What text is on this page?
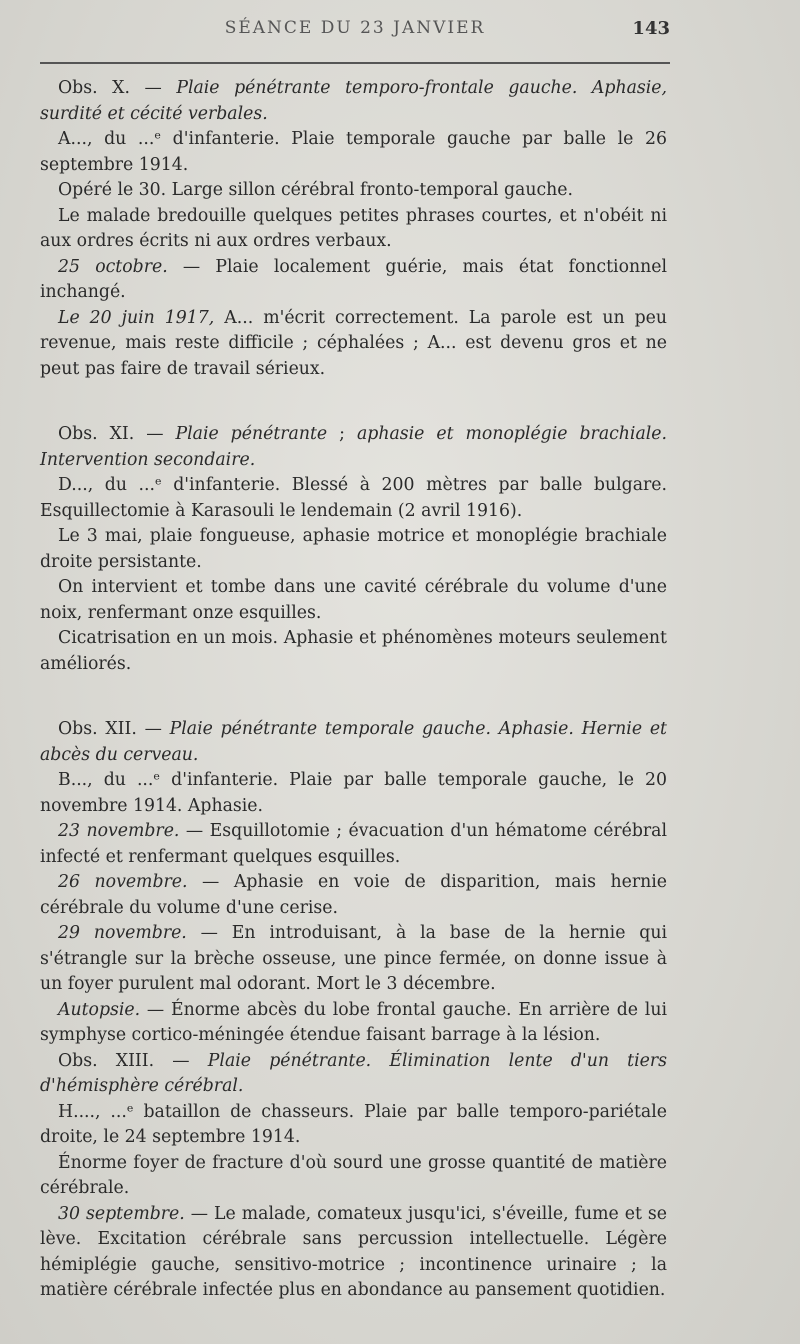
SÉANCE DU 23 JANVIER	143

Obs. X. — Plaie pénétrante temporo-frontale gauche. Aphasie, surdité et cécité verbales.

A..., du ...ᵉ d'infanterie. Plaie temporale gauche par balle le 26 septembre 1914.

Opéré le 30. Large sillon cérébral fronto-temporal gauche.

Le malade bredouille quelques petites phrases courtes, et n'obéit ni aux ordres écrits ni aux ordres verbaux.

25 octobre. — Plaie localement guérie, mais état fonctionnel inchangé.

Le 20 juin 1917, A... m'écrit correctement. La parole est un peu revenue, mais reste difficile ; céphalées ; A... est devenu gros et ne peut pas faire de travail sérieux.

Obs. XI. — Plaie pénétrante ; aphasie et monoplégie brachiale. Intervention secondaire.

D..., du ...ᵉ d'infanterie. Blessé à 200 mètres par balle bulgare. Esquillectomie à Karasouli le lendemain (2 avril 1916).

Le 3 mai, plaie fongueuse, aphasie motrice et monoplégie brachiale droite persistante.

On intervient et tombe dans une cavité cérébrale du volume d'une noix, renfermant onze esquilles.

Cicatrisation en un mois. Aphasie et phénomènes moteurs seulement améliorés.

Obs. XII. — Plaie pénétrante temporale gauche. Aphasie. Hernie et abcès du cerveau.

B..., du ...ᵉ d'infanterie. Plaie par balle temporale gauche, le 20 novembre 1914. Aphasie.

23 novembre. — Esquillotomie ; évacuation d'un hématome cérébral infecté et renfermant quelques esquilles.

26 novembre. — Aphasie en voie de disparition, mais hernie cérébrale du volume d'une cerise.

29 novembre. — En introduisant, à la base de la hernie qui s'étrangle sur la brèche osseuse, une pince fermée, on donne issue à un foyer purulent mal odorant. Mort le 3 décembre.

Autopsie. — Énorme abcès du lobe frontal gauche. En arrière de lui symphyse cortico-méningée étendue faisant barrage à la lésion.

Obs. XIII. — Plaie pénétrante. Élimination lente d'un tiers d'hémisphère cérébral.

H...., ...ᵉ bataillon de chasseurs. Plaie par balle temporo-pariétale droite, le 24 septembre 1914.

Énorme foyer de fracture d'où sourd une grosse quantité de matière cérébrale.

30 septembre. — Le malade, comateux jusqu'ici, s'éveille, fume et se lève. Excitation cérébrale sans percussion intellectuelle. Légère hémiplégie gauche, sensitivo-motrice ; incontinence urinaire ; la matière cérébrale infectée plus en abondance au pansement quotidien.
